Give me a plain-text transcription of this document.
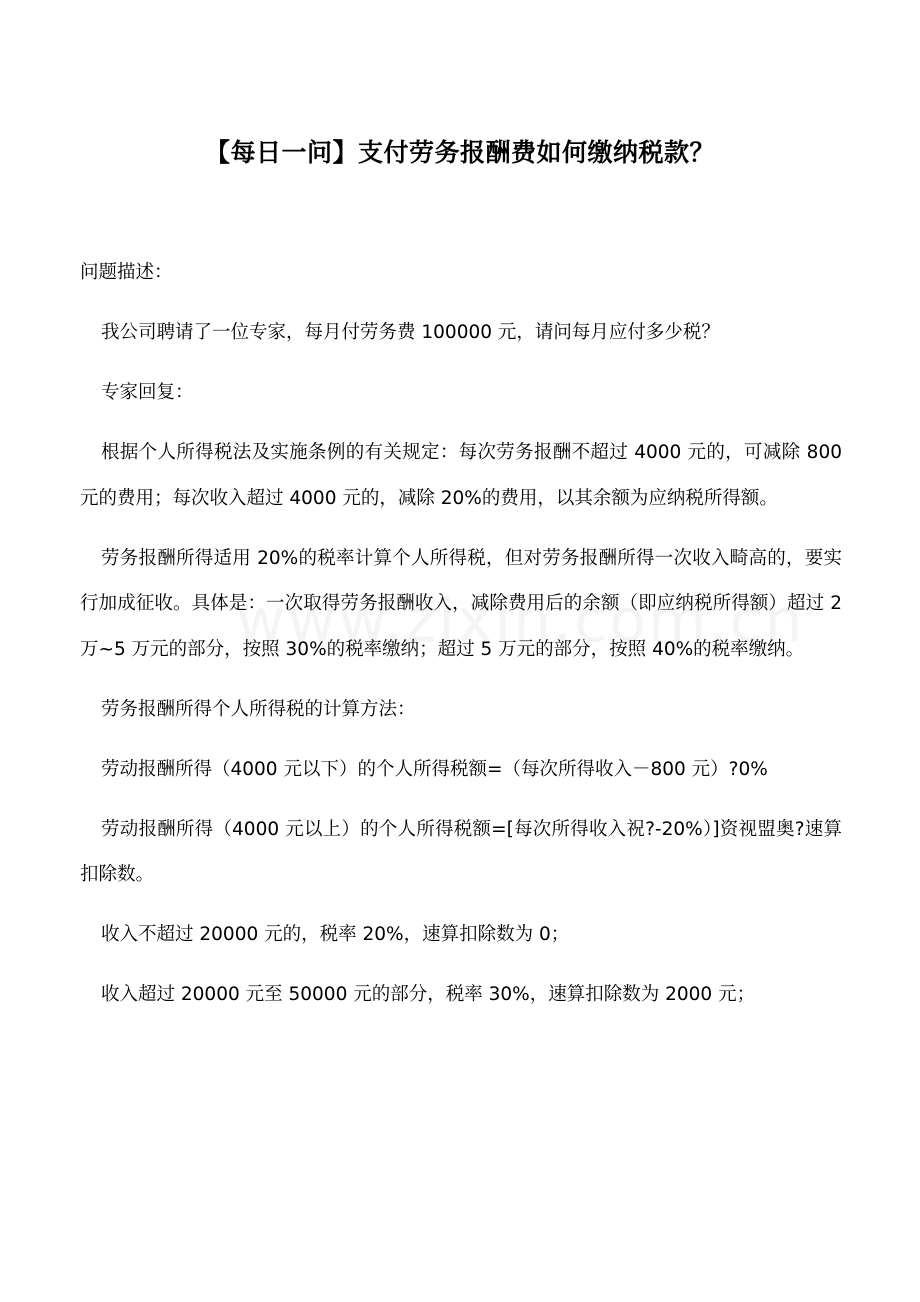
【每日一问】支付劳务报酬费如何缴纳税款？

问题描述：

我公司聘请了一位专家，每月付劳务费 100000 元，请问每月应付多少税？

专家回复：

根据个人所得税法及实施条例的有关规定：每次劳务报酬不超过 4000 元的，可减除 800 元的费用；每次收入超过 4000 元的，减除 20%的费用，以其余额为应纳税所得额。

劳务报酬所得适用 20%的税率计算个人所得税，但对劳务报酬所得一次收入畸高的，要实行加成征收。具体是：一次取得劳务报酬收入，减除费用后的余额（即应纳税所得额）超过 2 万~5 万元的部分，按照 30%的税率缴纳；超过 5 万元的部分，按照 40%的税率缴纳。

劳务报酬所得个人所得税的计算方法：

劳动报酬所得（4000 元以下）的个人所得税额=（每次所得收入－800 元）?0%

劳动报酬所得（4000 元以上）的个人所得税额=[每次所得收入祝?-20%）]资视盟奥?速算扣除数。

收入不超过 20000 元的，税率 20%，速算扣除数为 0；

收入超过 20000 元至 50000 元的部分，税率 30%，速算扣除数为 2000 元；
